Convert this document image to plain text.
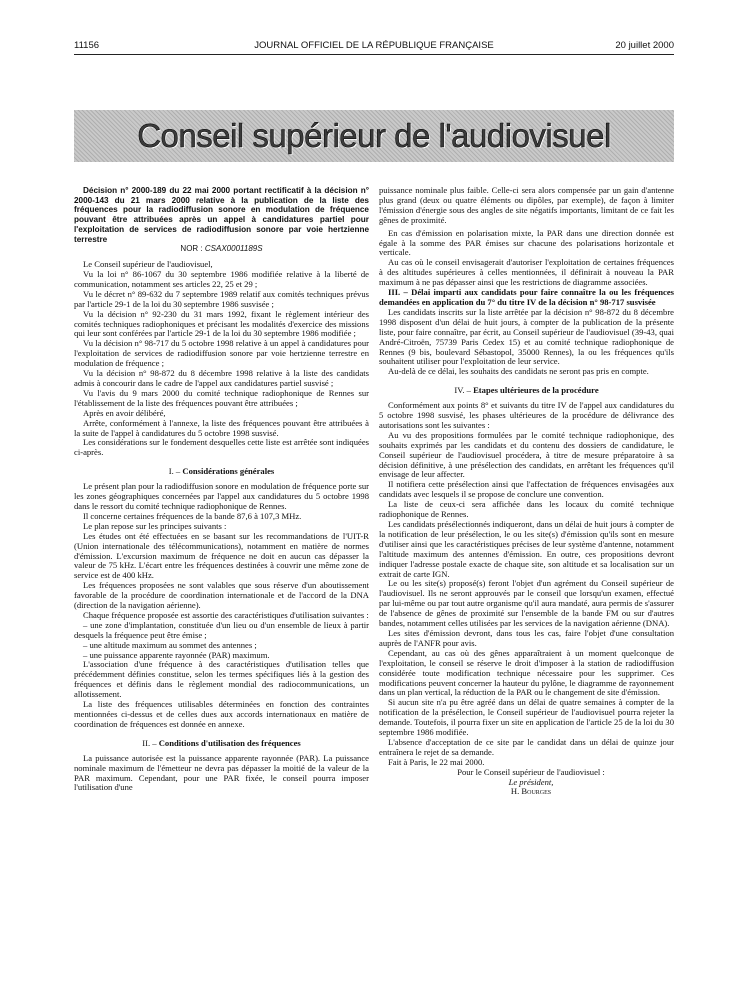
11156	JOURNAL OFFICIEL DE LA RÉPUBLIQUE FRANÇAISE	20 juillet 2000
Conseil supérieur de l'audiovisuel

Décision n° 2000-189 du 22 mai 2000 portant rectificatif à la décision n° 2000-143 du 21 mars 2000 relative à la publication de la liste des fréquences pour la radiodiffusion sonore en modulation de fréquence pouvant être attribuées après un appel à candidatures partiel pour l'exploitation de services de radiodiffusion sonore par voie hertzienne terrestre

NOR : CSAX0001189S

Le Conseil supérieur de l'audiovisuel,

Vu la loi n° 86-1067 du 30 septembre 1986 modifiée relative à la liberté de communication, notamment ses articles 22, 25 et 29 ;

Vu le décret n° 89-632 du 7 septembre 1989 relatif aux comités techniques prévus par l'article 29-1 de la loi du 30 septembre 1986 susvisée ;

Vu la décision n° 92-230 du 31 mars 1992, fixant le règlement intérieur des comités techniques radiophoniques et précisant les modalités d'exercice des missions qui leur sont conférées par l'article 29-1 de la loi du 30 septembre 1986 modifiée ;

Vu la décision n° 98-717 du 5 octobre 1998 relative à un appel à candidatures pour l'exploitation de services de radiodiffusion sonore par voie hertzienne terrestre en modulation de fréquence ;

Vu la décision n° 98-872 du 8 décembre 1998 relative à la liste des candidats admis à concourir dans le cadre de l'appel aux candidatures partiel susvisé ;

Vu l'avis du 9 mars 2000 du comité technique radiophonique de Rennes sur l'établissement de la liste des fréquences pouvant être attribuées ;

Après en avoir délibéré,

Arrête, conformément à l'annexe, la liste des fréquences pouvant être attribuées à la suite de l'appel à candidatures du 5 octobre 1998 susvisé.

Les considérations sur le fondement desquelles cette liste est arrêtée sont indiquées ci-après.

I. – Considérations générales

Le présent plan pour la radiodiffusion sonore en modulation de fréquence porte sur les zones géographiques concernées par l'appel aux candidatures du 5 octobre 1998 dans le ressort du comité technique radiophonique de Rennes.

Il concerne certaines fréquences de la bande 87,6 à 107,3 MHz.

Le plan repose sur les principes suivants :

Les études ont été effectuées en se basant sur les recommandations de l'UIT-R (Union internationale des télécommunications), notamment en matière de normes d'émission. L'excursion maximum de fréquence ne doit en aucun cas dépasser la valeur de 75 kHz. L'écart entre les fréquences destinées à couvrir une même zone de service est de 400 kHz.

Les fréquences proposées ne sont valables que sous réserve d'un aboutissement favorable de la procédure de coordination internationale et de l'accord de la DNA (direction de la navigation aérienne).

Chaque fréquence proposée est assortie des caractéristiques d'utilisation suivantes :

– une zone d'implantation, constituée d'un lieu ou d'un ensemble de lieux à partir desquels la fréquence peut être émise ;

– une altitude maximum au sommet des antennes ;

– une puissance apparente rayonnée (PAR) maximum.

L'association d'une fréquence à des caractéristiques d'utilisation telles que précédemment définies constitue, selon les termes spécifiques liés à la gestion des fréquences et définis dans le règlement mondial des radiocommunications, un allotissement.

La liste des fréquences utilisables déterminées en fonction des contraintes mentionnées ci-dessus et de celles dues aux accords internationaux en matière de coordination de fréquences est donnée en annexe.

II. – Conditions d'utilisation des fréquences

La puissance autorisée est la puissance apparente rayonnée (PAR). La puissance nominale maximum de l'émetteur ne devra pas dépasser la moitié de la valeur de la PAR maximum. Cependant, pour une PAR fixée, le conseil pourra imposer l'utilisation d'une

puissance nominale plus faible. Celle-ci sera alors compensée par un gain d'antenne plus grand (deux ou quatre éléments ou dipôles, par exemple), de façon à limiter l'émission d'énergie sous des angles de site négatifs importants, limitant de ce fait les gênes de proximité.

En cas d'émission en polarisation mixte, la PAR dans une direction donnée est égale à la somme des PAR émises sur chacune des polarisations horizontale et verticale.

Au cas où le conseil envisagerait d'autoriser l'exploitation de certaines fréquences à des altitudes supérieures à celles mentionnées, il définirait à nouveau la PAR maximum à ne pas dépasser ainsi que les restrictions de diagramme associées.

III. – Délai imparti aux candidats pour faire connaître la ou les fréquences demandées en application du 7° du titre IV de la décision n° 98-717 susvisée

Les candidats inscrits sur la liste arrêtée par la décision n° 98-872 du 8 décembre 1998 disposent d'un délai de huit jours, à compter de la publication de la présente liste, pour faire connaître, par écrit, au Conseil supérieur de l'audiovisuel (39-43, quai André-Citroën, 75739 Paris Cedex 15) et au comité technique radiophonique de Rennes (9 bis, boulevard Sébastopol, 35000 Rennes), la ou les fréquences qu'ils souhaitent utiliser pour l'exploitation de leur service.

Au-delà de ce délai, les souhaits des candidats ne seront pas pris en compte.

IV. – Etapes ultérieures de la procédure

Conformément aux points 8° et suivants du titre IV de l'appel aux candidatures du 5 octobre 1998 susvisé, les phases ultérieures de la procédure de délivrance des autorisations sont les suivantes :

Au vu des propositions formulées par le comité technique radiophonique, des souhaits exprimés par les candidats et du contenu des dossiers de candidature, le Conseil supérieur de l'audiovisuel procédera, à titre de mesure préparatoire à sa décision définitive, à une présélection des candidats, en arrêtant les fréquences qu'il envisage de leur affecter.

Il notifiera cette présélection ainsi que l'affectation de fréquences envisagées aux candidats avec lesquels il se propose de conclure une convention.

La liste de ceux-ci sera affichée dans les locaux du comité technique radiophonique de Rennes.

Les candidats présélectionnés indiqueront, dans un délai de huit jours à compter de la notification de leur présélection, le ou les site(s) d'émission qu'ils sont en mesure d'utiliser ainsi que les caractéristiques précises de leur système d'antenne, notamment l'altitude maximum des antennes d'émission. En outre, ces propositions devront indiquer l'adresse postale exacte de chaque site, son altitude et sa localisation sur un extrait de carte IGN.

Le ou les site(s) proposé(s) feront l'objet d'un agrément du Conseil supérieur de l'audiovisuel. Ils ne seront approuvés par le conseil que lorsqu'un examen, effectué par lui-même ou par tout autre organisme qu'il aura mandaté, aura permis de s'assurer de l'absence de gênes de proximité sur l'ensemble de la bande FM ou sur d'autres bandes, notamment celles utilisées par les services de la navigation aérienne (DNA).

Les sites d'émission devront, dans tous les cas, faire l'objet d'une consultation auprès de l'ANFR pour avis.

Cependant, au cas où des gênes apparaîtraient à un moment quelconque de l'exploitation, le conseil se réserve le droit d'imposer à la station de radiodiffusion considérée toute modification technique nécessaire pour les supprimer. Ces modifications peuvent concerner la hauteur du pylône, le diagramme de rayonnement dans un plan vertical, la réduction de la PAR ou le changement de site d'émission.

Si aucun site n'a pu être agréé dans un délai de quatre semaines à compter de la notification de la présélection, le Conseil supérieur de l'audiovisuel pourra rejeter la demande. Toutefois, il pourra fixer un site en application de l'article 25 de la loi du 30 septembre 1986 modifiée.

L'absence d'acceptation de ce site par le candidat dans un délai de quinze jour entraînera le rejet de sa demande.

Fait à Paris, le 22 mai 2000.

Pour le Conseil supérieur de l'audiovisuel :

Le président,

H. Bourges
